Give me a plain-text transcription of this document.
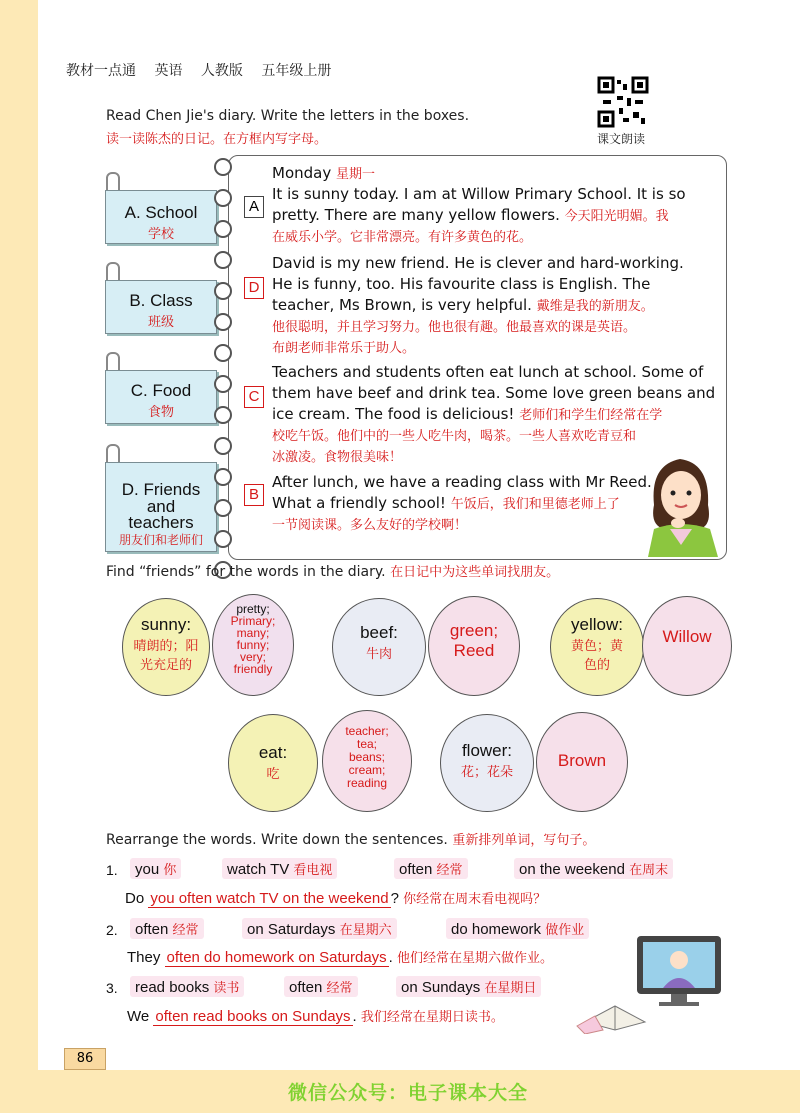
教材一点通 英语 人教版 五年级上册
课文朗读
Read Chen Jie's diary. Write the letters in the boxes.
读一读陈杰的日记。在方框内写字母。
A. School
学校
B. Class
班级
C. Food
食物
D. Friends
and
teachers
朋友们和老师们
Monday 星期一
A
It is sunny today. I am at Willow Primary School. It is so
pretty. There are many yellow flowers. 今天阳光明媚。我
在威乐小学。它非常漂亮。有许多黄色的花。
D
David is my new friend. He is clever and hard-working.
He is funny, too. His favourite class is English. The
teacher, Ms Brown, is very helpful. 戴维是我的新朋友。
他很聪明，并且学习努力。他也很有趣。他最喜欢的课是英语。
布朗老师非常乐于助人。
C
Teachers and students often eat lunch at school. Some of
them have beef and drink tea. Some love green beans and
ice cream. The food is delicious! 老师们和学生们经常在学
校吃午饭。他们中的一些人吃牛肉，喝茶。一些人喜欢吃青豆和
冰激凌。食物很美味！
B
After lunch, we have a reading class with Mr Reed.
What a friendly school! 午饭后，我们和里德老师上了
一节阅读课。多么友好的学校啊！
Find “friends” for the words in the diary. 在日记中为这些单词找朋友。
sunny:
晴朗的；阳
光充足的
pretty;
Primary;
many;
funny;
very;
friendly
beef:
牛肉
green;
Reed
yellow:
黄色；黄
色的
Willow
eat:
吃
teacher;
tea;
beans;
cream;
reading
flower:
花；花朵
Brown
Rearrange the words. Write down the sentences. 重新排列单词，写句子。
1.	you 你	watch TV 看电视	often 经常	on the weekend 在周末
Do you often watch TV on the weekend ? 你经常在周末看电视吗？
2.	often 经常	on Saturdays 在星期六	do homework 做作业
They often do homework on Saturdays . 他们经常在星期六做作业。
3.	read books 读书	often 经常	on Sundays 在星期日
We often read books on Sundays . 我们经常在星期日读书。
86
微信公众号：电子课本大全
